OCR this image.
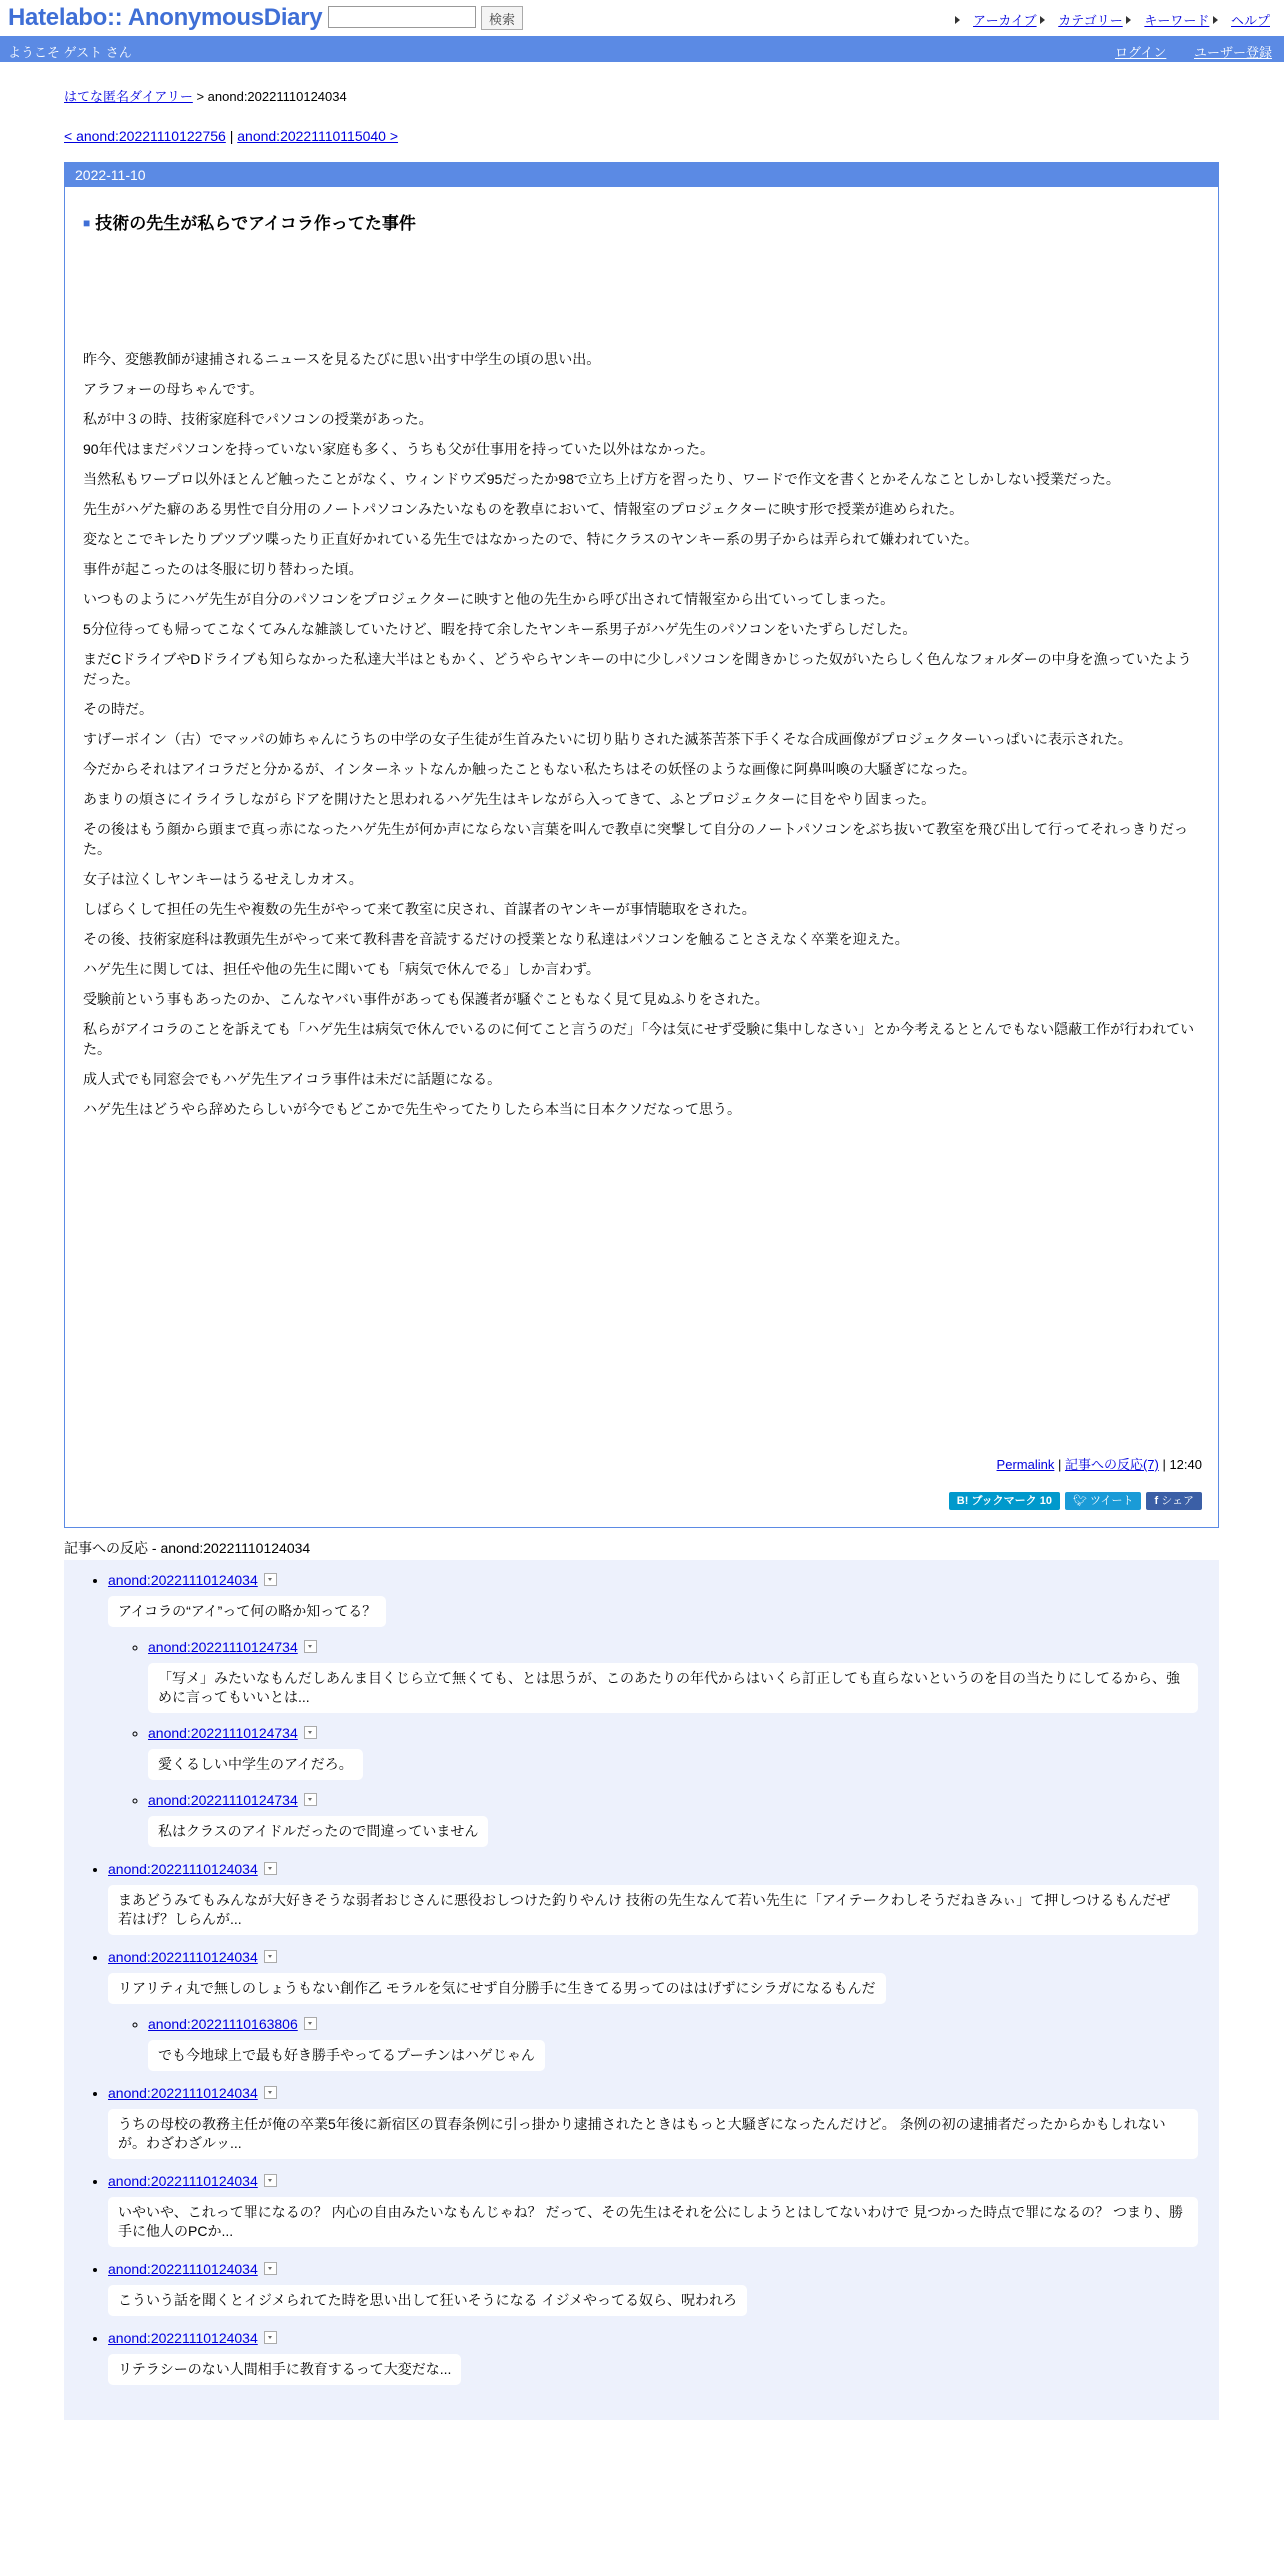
Hatelabo:: AnonymousDiary	検索	アーカイブ カテゴリー キーワード ヘルプ
ようこそ ゲスト さん	ログイン ユーザー登録
はてな匿名ダイアリー > anond:20221110124034
< anond:20221110122756 | anond:20221110115040 >
2022-11-10
■ 技術の先生が私らでアイコラ作ってた事件

昨今、変態教師が逮捕されるニュースを見るたびに思い出す中学生の頃の思い出。

アラフォーの母ちゃんです。

私が中３の時、技術家庭科でパソコンの授業があった。

90年代はまだパソコンを持っていない家庭も多く、うちも父が仕事用を持っていた以外はなかった。

当然私もワープロ以外ほとんど触ったことがなく、ウィンドウズ95だったか98で立ち上げ方を習ったり、ワードで作文を書くとかそんなことしかしない授業だった。

先生がハゲた癖のある男性で自分用のノートパソコンみたいなものを教卓において、情報室のプロジェクターに映す形で授業が進められた。

変なとこでキレたりブツブツ喋ったり正直好かれている先生ではなかったので、特にクラスのヤンキー系の男子からは弄られて嫌われていた。

事件が起こったのは冬服に切り替わった頃。

いつものようにハゲ先生が自分のパソコンをプロジェクターに映すと他の先生から呼び出されて情報室から出ていってしまった。

5分位待っても帰ってこなくてみんな雑談していたけど、暇を持て余したヤンキー系男子がハゲ先生のパソコンをいたずらしだした。

まだCドライブやDドライブも知らなかった私達大半はともかく、どうやらヤンキーの中に少しパソコンを聞きかじった奴がいたらしく色んなフォルダーの中身を漁っていたようだった。

その時だ。

すげーボイン（古）でマッパの姉ちゃんにうちの中学の女子生徒が生首みたいに切り貼りされた滅茶苦茶下手くそな合成画像がプロジェクターいっぱいに表示された。

今だからそれはアイコラだと分かるが、インターネットなんか触ったこともない私たちはその妖怪のような画像に阿鼻叫喚の大騒ぎになった。

あまりの煩さにイライラしながらドアを開けたと思われるハゲ先生はキレながら入ってきて、ふとプロジェクターに目をやり固まった。

その後はもう顔から頭まで真っ赤になったハゲ先生が何か声にならない言葉を叫んで教卓に突撃して自分のノートパソコンをぶち抜いて教室を飛び出して行ってそれっきりだった。

女子は泣くしヤンキーはうるせえしカオス。

しばらくして担任の先生や複数の先生がやって来て教室に戻され、首謀者のヤンキーが事情聴取をされた。

その後、技術家庭科は教頭先生がやって来て教科書を音読するだけの授業となり私達はパソコンを触ることさえなく卒業を迎えた。

ハゲ先生に関しては、担任や他の先生に聞いても「病気で休んでる」しか言わず。

受験前という事もあったのか、こんなヤバい事件があっても保護者が騒ぐこともなく見て見ぬふりをされた。

私らがアイコラのことを訴えても「ハゲ先生は病気で休んでいるのに何てこと言うのだ」「今は気にせず受験に集中しなさい」とか今考えるととんでもない隠蔽工作が行われていた。

成人式でも同窓会でもハゲ先生アイコラ事件は未だに話題になる。

ハゲ先生はどうやら辞めたらしいが今でもどこかで先生やってたりしたら本当に日本クソだなって思う。

Permalink | 記事への反応(7) | 12:40
B! ブックマーク 10	🐦︎ ツイート	f シェア
記事への反応 - anond:20221110124034
• anond:20221110124034
アイコラの“アイ”って何の略か知ってる？
◦ anond:20221110124734
「写メ」みたいなもんだしあんま目くじら立て無くても、とは思うが、このあたりの年代からはいくら訂正しても直らないというのを目の当たりにしてるから、強めに言ってもいいとは...
◦ anond:20221110124734
愛くるしい中学生のアイだろ。
◦ anond:20221110124734
私はクラスのアイドルだったので間違っていません
• anond:20221110124034
まあどうみてもみんなが大好きそうな弱者おじさんに悪役おしつけた釣りやんけ 技術の先生なんて若い先生に「アイテークわしそうだねきみぃ」て押しつけるもんだぜ 若はげ？しらんが...
• anond:20221110124034
リアリティ丸で無しのしょうもない創作乙 モラルを気にせず自分勝手に生きてる男ってのははげずにシラガになるもんだ
◦ anond:20221110163806
でも今地球上で最も好き勝手やってるプーチンはハゲじゃん
• anond:20221110124034
うちの母校の教務主任が俺の卒業5年後に新宿区の買春条例に引っ掛かり逮捕されたときはもっと大騒ぎになったんだけど。 条例の初の逮捕者だったからかもしれないが。わざわざルッ...
• anond:20221110124034
いやいや、これって罪になるの？ 内心の自由みたいなもんじゃね？ だって、その先生はそれを公にしようとはしてないわけで 見つかった時点で罪になるの？ つまり、勝手に他人のPCか...
• anond:20221110124034
こういう話を聞くとイジメられてた時を思い出して狂いそうになる イジメやってる奴ら、呪われろ
• anond:20221110124034
リテラシーのない人間相手に教育するって大変だな...
